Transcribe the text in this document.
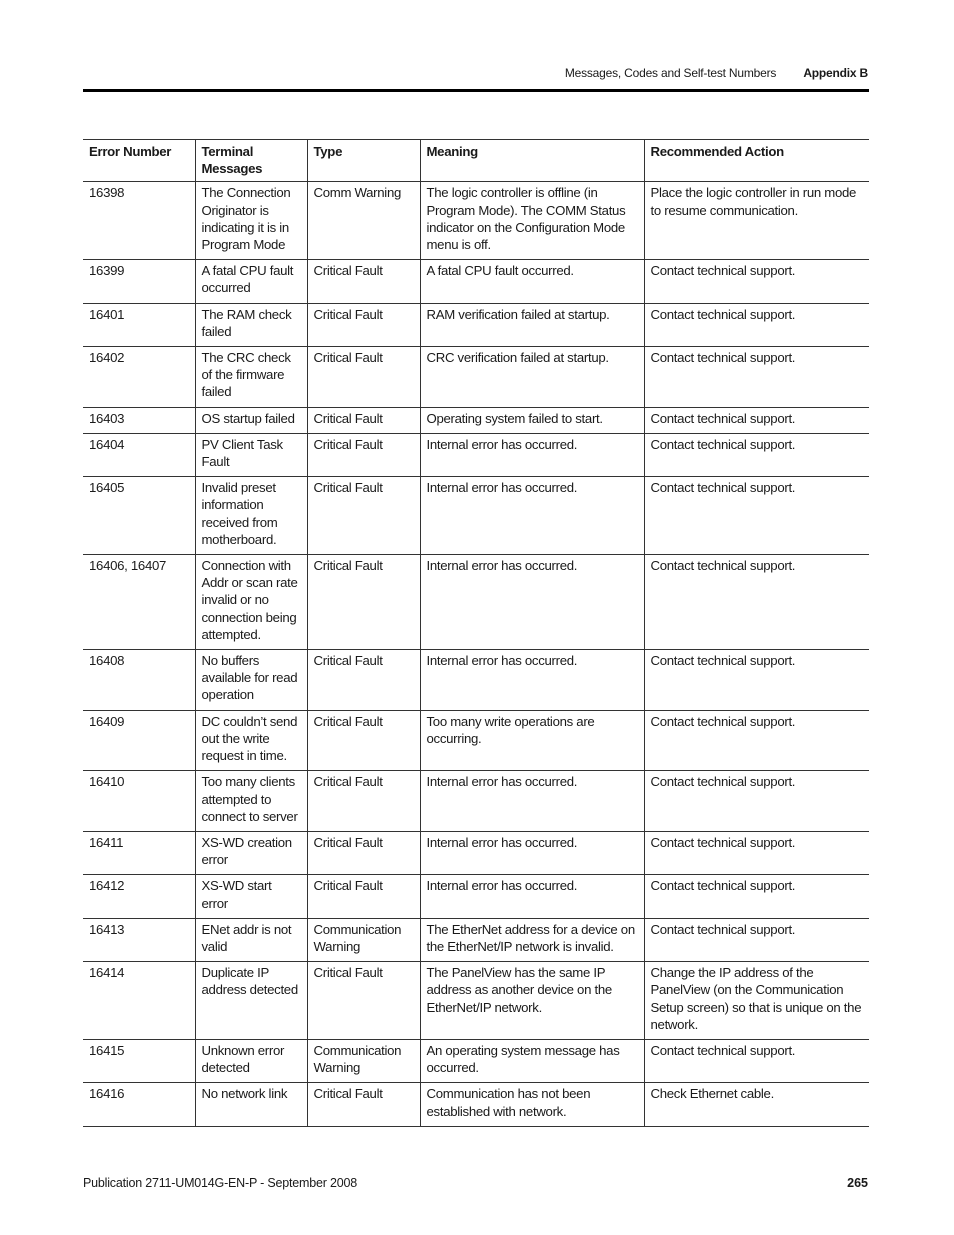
Messages, Codes and Self-test Numbers Appendix B
Error Number	Terminal Messages	Type	Meaning	Recommended Action
16398	The Connection Originator is indicating it is in Program Mode	Comm Warning	The logic controller is offline (in Program Mode). The COMM Status indicator on the Configuration Mode menu is off.	Place the logic controller in run mode to resume communication.
16399	A fatal CPU fault occurred	Critical Fault	A fatal CPU fault occurred.	Contact technical support.
16401	The RAM check failed	Critical Fault	RAM verification failed at startup.	Contact technical support.
16402	The CRC check of the firmware failed	Critical Fault	CRC verification failed at startup.	Contact technical support.
16403	OS startup failed	Critical Fault	Operating system failed to start.	Contact technical support.
16404	PV Client Task Fault	Critical Fault	Internal error has occurred.	Contact technical support.
16405	Invalid preset information received from motherboard.	Critical Fault	Internal error has occurred.	Contact technical support.
16406, 16407	Connection with Addr or scan rate invalid or no connection being attempted.	Critical Fault	Internal error has occurred.	Contact technical support.
16408	No buffers available for read operation	Critical Fault	Internal error has occurred.	Contact technical support.
16409	DC couldn’t send out the write request in time.	Critical Fault	Too many write operations are occurring.	Contact technical support.
16410	Too many clients attempted to connect to server	Critical Fault	Internal error has occurred.	Contact technical support.
16411	XS-WD creation error	Critical Fault	Internal error has occurred.	Contact technical support.
16412	XS-WD start error	Critical Fault	Internal error has occurred.	Contact technical support.
16413	ENet addr is not valid	Communication Warning	The EtherNet address for a device on the EtherNet/IP network is invalid.	Contact technical support.
16414	Duplicate IP address detected	Critical Fault	The PanelView has the same IP address as another device on the EtherNet/IP network.	Change the IP address of the PanelView (on the Communication Setup screen) so that is unique on the network.
16415	Unknown error detected	Communication Warning	An operating system message has occurred.	Contact technical support.
16416	No network link	Critical Fault	Communication has not been established with network.	Check Ethernet cable.
Publication 2711-UM014G-EN-P - September 2008	265
